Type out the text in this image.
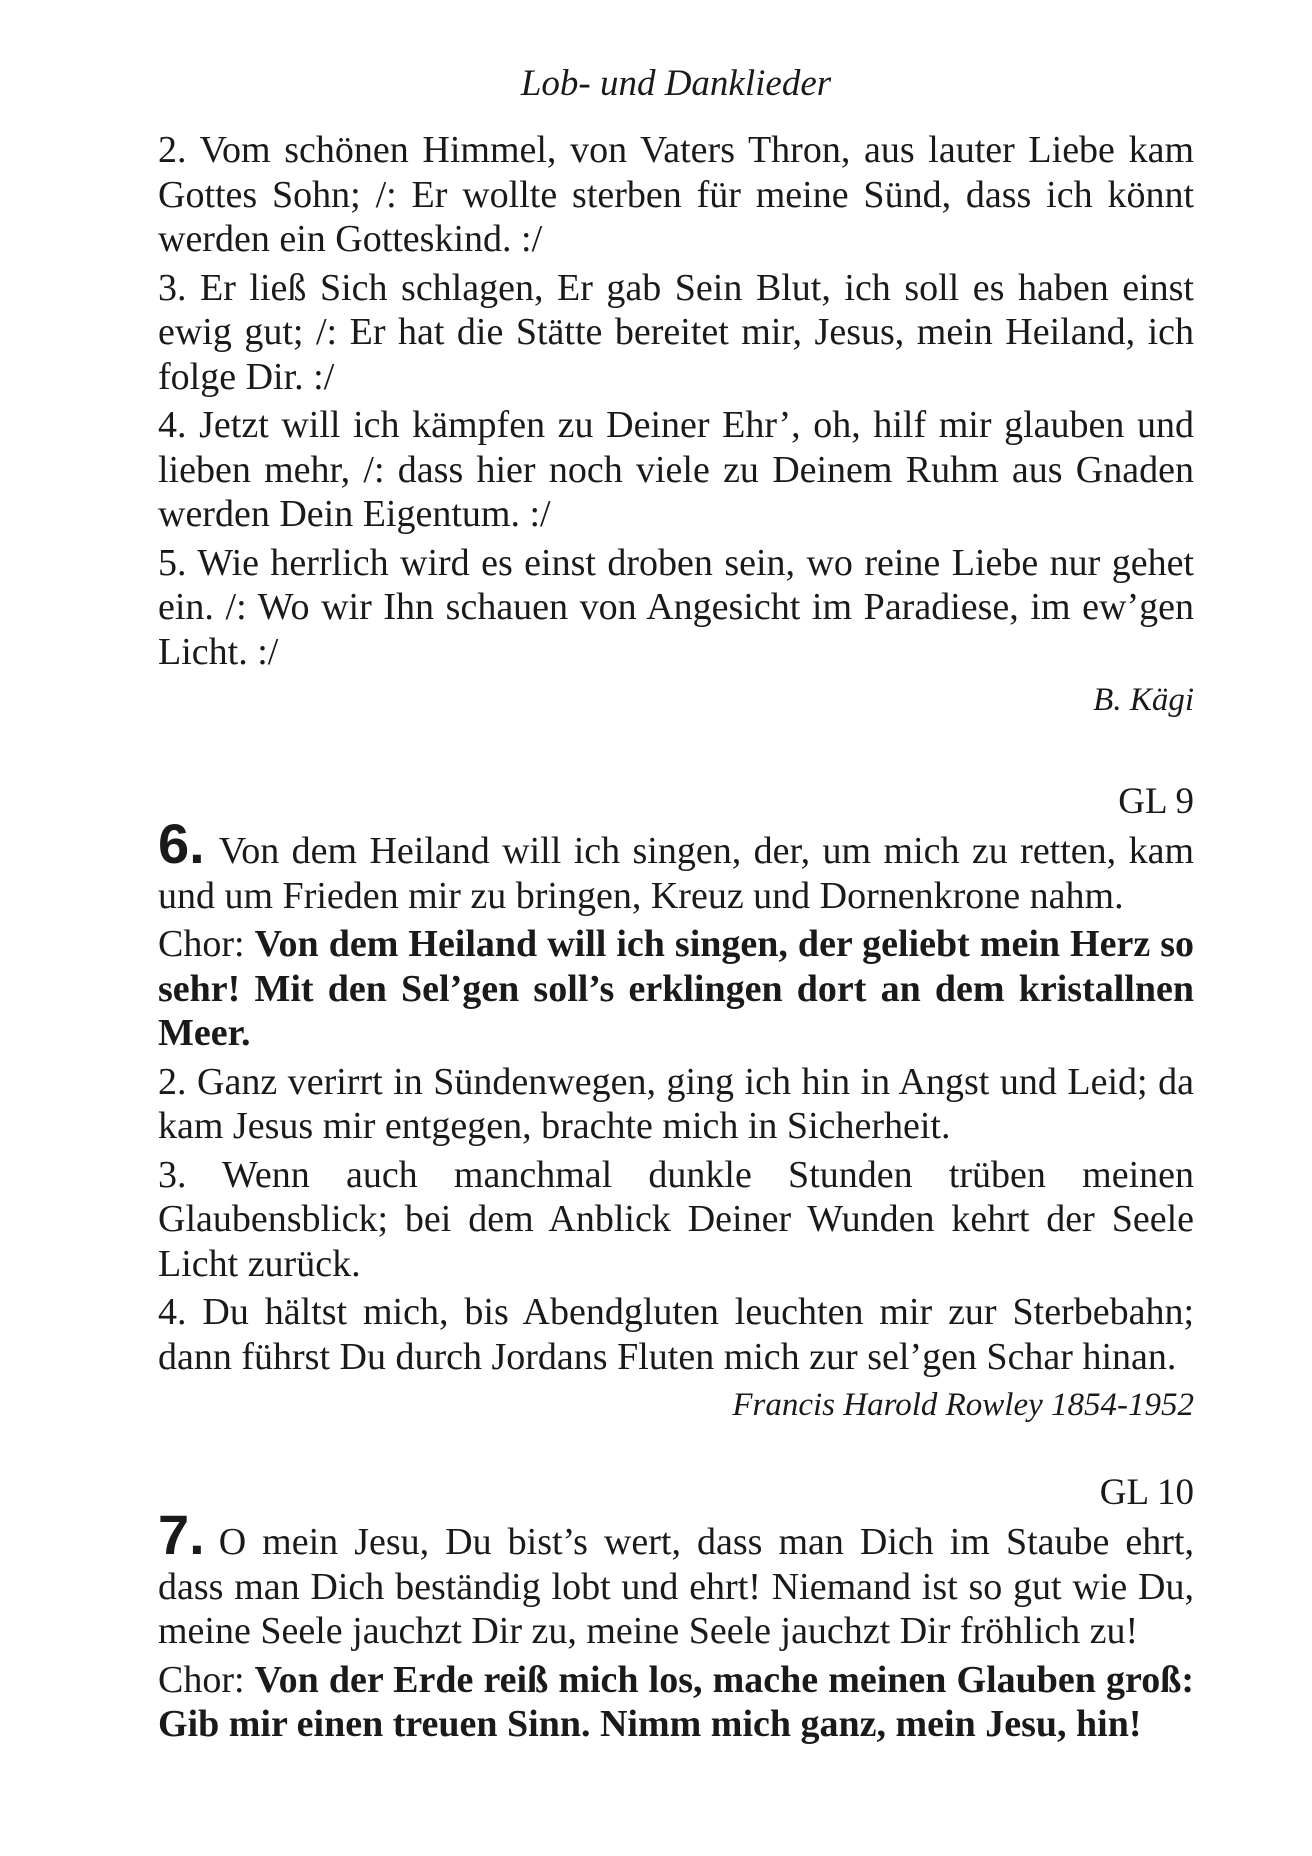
Lob- und Danklieder

2. Vom schönen Himmel, von Vaters Thron, aus lauter Liebe kam Gottes Sohn; /: Er wollte sterben für meine Sünd, dass ich könnt werden ein Gotteskind. :/

3. Er ließ Sich schlagen, Er gab Sein Blut, ich soll es haben einst ewig gut; /: Er hat die Stätte bereitet mir, Jesus, mein Heiland, ich folge Dir. :/

4. Jetzt will ich kämpfen zu Deiner Ehr’, oh, hilf mir glauben und lieben mehr, /: dass hier noch viele zu Deinem Ruhm aus Gnaden werden Dein Eigentum. :/

5. Wie herrlich wird es einst droben sein, wo reine Liebe nur gehet ein. /: Wo wir Ihn schauen von Angesicht im Paradiese, im ew’gen Licht. :/

B. Kägi

GL 9

6. Von dem Heiland will ich singen, der, um mich zu retten, kam und um Frieden mir zu bringen, Kreuz und Dornenkrone nahm.

Chor: Von dem Heiland will ich singen, der geliebt mein Herz so sehr! Mit den Sel’gen soll’s erklingen dort an dem kristallnen Meer.

2. Ganz verirrt in Sündenwegen, ging ich hin in Angst und Leid; da kam Jesus mir entgegen, brachte mich in Sicherheit.

3. Wenn auch manchmal dunkle Stunden trüben meinen Glaubensblick; bei dem Anblick Deiner Wunden kehrt der Seele Licht zurück.

4. Du hältst mich, bis Abendgluten leuchten mir zur Sterbebahn; dann führst Du durch Jordans Fluten mich zur sel’gen Schar hinan.

Francis Harold Rowley 1854-1952

GL 10

7. O mein Jesu, Du bist’s wert, dass man Dich im Staube ehrt, dass man Dich beständig lobt und ehrt! Niemand ist so gut wie Du, meine Seele jauchzt Dir zu, meine Seele jauchzt Dir fröhlich zu!

Chor: Von der Erde reiß mich los, mache meinen Glauben groß: Gib mir einen treuen Sinn. Nimm mich ganz, mein Jesu, hin!
